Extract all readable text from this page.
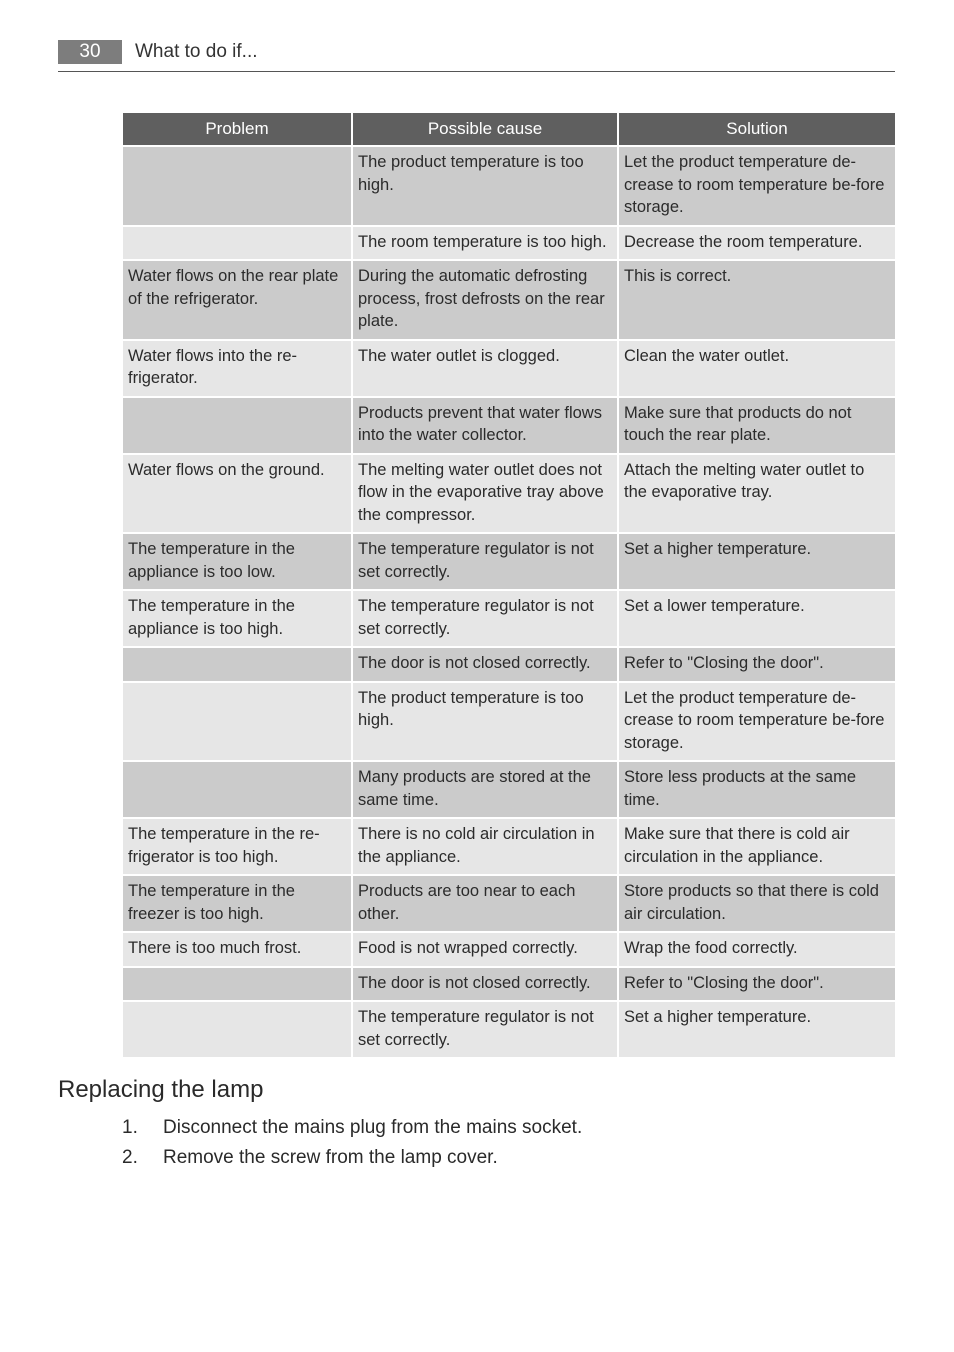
30	What to do if...
Problem	Possible cause	Solution
	The product temperature is too high.	Let the product temperature de-crease to room temperature be-fore storage.
	The room temperature is too high.	Decrease the room temperature.
Water flows on the rear plate of the refrigerator.	During the automatic defrosting process, frost defrosts on the rear plate.	This is correct.
Water flows into the re-frigerator.	The water outlet is clogged.	Clean the water outlet.
	Products prevent that water flows into the water collector.	Make sure that products do not touch the rear plate.
Water flows on the ground.	The melting water outlet does not flow in the evaporative tray above the compressor.	Attach the melting water outlet to the evaporative tray.
The temperature in the appliance is too low.	The temperature regulator is not set correctly.	Set a higher temperature.
The temperature in the appliance is too high.	The temperature regulator is not set correctly.	Set a lower temperature.
	The door is not closed correctly.	Refer to "Closing the door".
	The product temperature is too high.	Let the product temperature de-crease to room temperature be-fore storage.
	Many products are stored at the same time.	Store less products at the same time.
The temperature in the re-frigerator is too high.	There is no cold air circulation in the appliance.	Make sure that there is cold air circulation in the appliance.
The temperature in the freezer is too high.	Products are too near to each other.	Store products so that there is cold air circulation.
There is too much frost.	Food is not wrapped correctly.	Wrap the food correctly.
	The door is not closed correctly.	Refer to "Closing the door".
	The temperature regulator is not set correctly.	Set a higher temperature.
Replacing the lamp
1.	Disconnect the mains plug from the mains socket.
2.	Remove the screw from the lamp cover.
